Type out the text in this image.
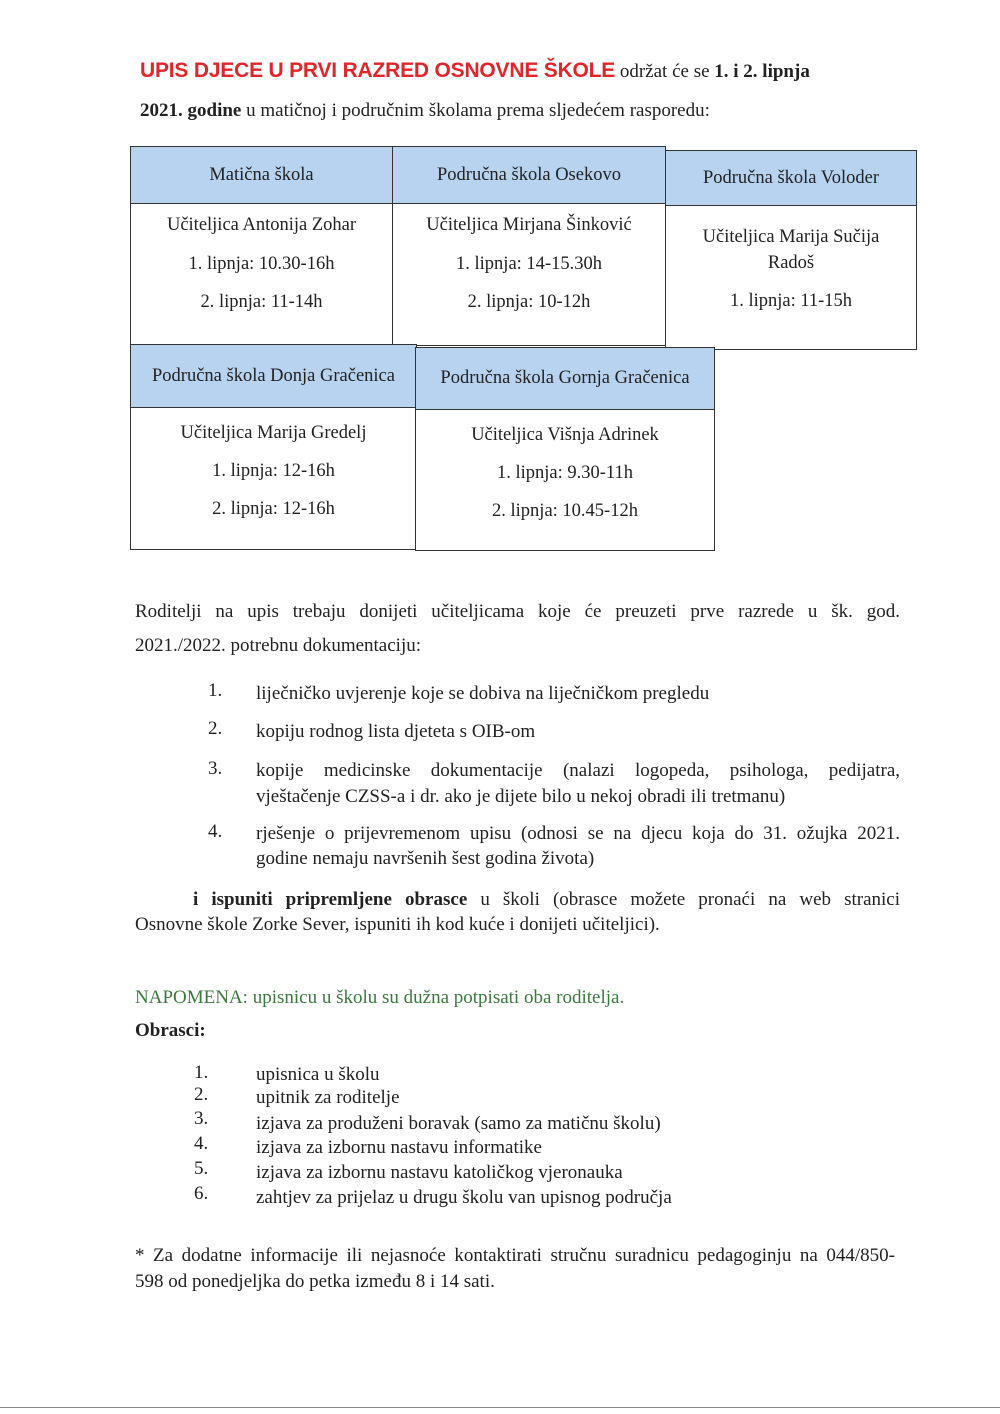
UPIS DJECE U PRVI RAZRED OSNOVNE ŠKOLE održat će se 1. i 2. lipnja
2021. godine u matičnoj i područnim školama prema sljedećem rasporedu:
Matična škola
Učiteljica Antonija Zohar
1. lipnja: 10.30-16h
2. lipnja: 11-14h
Područna škola Osekovo
Učiteljica Mirjana Šinković
1. lipnja: 14-15.30h
2. lipnja: 10-12h
Područna škola Voloder
Učiteljica Marija Sučija
Radoš
1. lipnja: 11-15h
Područna škola Donja Gračenica
Učiteljica Marija Gredelj
1. lipnja: 12-16h
2. lipnja: 12-16h
Područna škola Gornja Gračenica
Učiteljica Višnja Adrinek
1. lipnja: 9.30-11h
2. lipnja: 10.45-12h
Roditelji na upis trebaju donijeti učiteljicama koje će preuzeti prve razrede u šk. god.
2021./2022. potrebnu dokumentaciju:
1. liječničko uvjerenje koje se dobiva na liječničkom pregledu
2. kopiju rodnog lista djeteta s OIB-om
3. kopije medicinske dokumentacije (nalazi logopeda, psihologa, pedijatra,
vještačenje CZSS-a i dr. ako je dijete bilo u nekoj obradi ili tretmanu)
4. rješenje o prijevremenom upisu (odnosi se na djecu koja do 31. ožujka 2021.
godine nemaju navršenih šest godina života)
i ispuniti pripremljene obrasce u školi (obrasce možete pronaći na web stranici
Osnovne škole Zorke Sever, ispuniti ih kod kuće i donijeti učiteljici).
NAPOMENA: upisnicu u školu su dužna potpisati oba roditelja.
Obrasci:
1.	upisnica u školu
2.	upitnik za roditelje
3.	izjava za produženi boravak (samo za matičnu školu)
4.	izjava za izbornu nastavu informatike
5.	izjava za izbornu nastavu katoličkog vjeronauka
6.	zahtjev za prijelaz u drugu školu van upisnog područja
* Za dodatne informacije ili nejasnoće kontaktirati stručnu suradnicu pedagoginju na 044/850-
598 od ponedjeljka do petka između 8 i 14 sati.
